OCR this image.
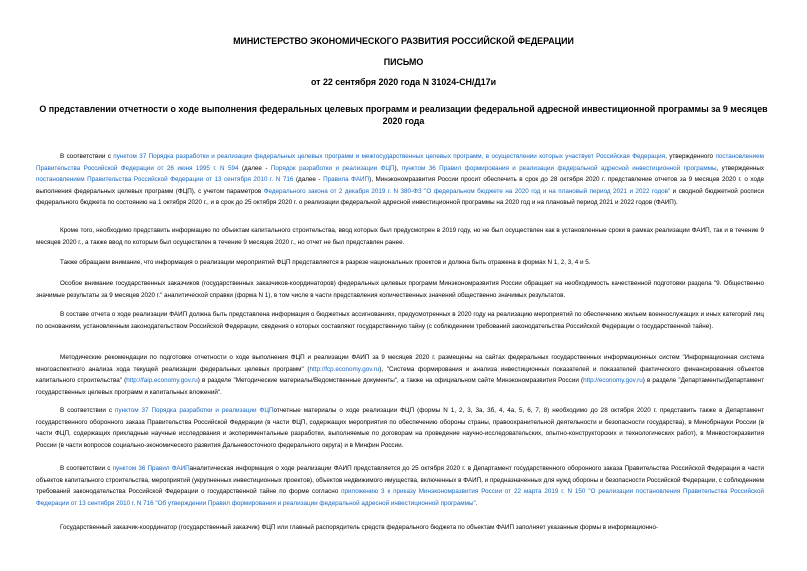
МИНИСТЕРСТВО ЭКОНОМИЧЕСКОГО РАЗВИТИЯ РОССИЙСКОЙ ФЕДЕРАЦИИ

ПИСЬМО

от 22 сентября 2020 года N 31024-СН/Д17и

О представлении отчетности о ходе выполнения федеральных целевых программ и реализации федеральной адресной инвестиционной программы за 9 месяцев 2020 года

В соответствии с пунктом 37 Порядка разработки и реализации федеральных целевых программ и межгосударственных целевых программ, в осуществлении которых участвует Российская Федерация, утвержденного постановлением Правительства Российской Федерации от 26 июня 1995 г. N 594 (далее - Порядок разработки и реализации ФЦП), пунктом 36 Правил формирования и реализации федеральной адресной инвестиционной программы, утвержденных постановлением Правительства Российской Федерации от 13 сентября 2010 г. N 716 (далее - Правила ФАИП), Минэкономразвития России просит обеспечить в срок до 28 октября 2020 г. представление отчетов за 9 месяцев 2020 г. о ходе выполнения федеральных целевых программ (ФЦП), с учетом параметров Федерального закона от 2 декабря 2019 г. N 380-ФЗ "О федеральном бюджете на 2020 год и на плановый период 2021 и 2022 годов" и сводной бюджетной росписи федерального бюджета по состоянию на 1 октября 2020 г., и в срок до 25 октября 2020 г. о реализации федеральной адресной инвестиционной программы на 2020 год и на плановый период 2021 и 2022 годов (ФАИП).

Кроме того, необходимо представить информацию по объектам капитального строительства, ввод которых был предусмотрен в 2019 году, но не был осуществлен как в установленные сроки в рамках реализации ФАИП, так и в течение 9 месяцев 2020 г., а также ввод по которым был осуществлен в течение 9 месяцев 2020 г., но отчет не был представлен ранее.

Также обращаем внимание, что информация о реализации мероприятий ФЦП представляется в разрезе национальных проектов и должна быть отражена в формах N 1, 2, 3, 4 и 5.

Особое внимание государственных заказчиков (государственных заказчиков-координаторов) федеральных целевых программ Минэкономразвития России обращает на необходимость качественной подготовки раздела "9. Общественно значимые результаты за 9 месяцев 2020 г." аналитической справки (форма N 1), в том числе в части представления количественных значений общественно значимых результатов.

В составе отчета о ходе реализации ФАИП должна быть представлена информация о бюджетных ассигнованиях, предусмотренных в 2020 году на реализацию мероприятий по обеспечению жильем военнослужащих и иных категорий лиц по основаниям, установленным законодательством Российской Федерации, сведения о которых составляют государственную тайну (с соблюдением требований законодательства Российской Федерации о государственной тайне).

Методические рекомендации по подготовке отчетности о ходе выполнения ФЦП и реализации ФАИП за 9 месяцев 2020 г. размещены на сайтах федеральных государственных информационных систем "Информационная система многоаспектного анализа хода текущей реализации федеральных целевых программ" (http://fcp.economy.gov.ru), "Система формирования и анализа инвестиционных показателей и показателей фактического финансирования объектов капитального строительства" (http://faip.economy.gov.ru) в разделе "Методические материалы/Ведомственные документы", а также на официальном сайте Минэкономразвития России (http://economy.gov.ru) в разделе "Департаменты/Департамент государственных целевых программ и капитальных вложений".

В соответствии с пунктом 37 Порядка разработки и реализации ФЦПотчетные материалы о ходе реализации ФЦП (формы N 1, 2, 3, 3а, 3б, 4, 4а, 5, 6, 7, 8) необходимо до 28 октября 2020 г. представить также в Департамент государственного оборонного заказа Правительства Российской Федерации (в части ФЦП, содержащих мероприятия по обеспечению обороны страны, правоохранительной деятельности и безопасности государства), в Минобрнауки России (в части ФЦП, содержащих прикладные научные исследования и экспериментальные разработки, выполняемые по договорам на проведение научно-исследовательских, опытно-конструкторских и технологических работ), в Минвостокразвития России (в части вопросов социально-экономического развития Дальневосточного федерального округа) и в Минфин России.

В соответствии с пунктом 36 Правил ФАИПаналитическая информация о ходе реализации ФАИП представляется до 25 октября 2020 г. в Департамент государственного оборонного заказа Правительства Российской Федерации в части объектов капитального строительства, мероприятий (укрупненных инвестиционных проектов), объектов недвижимого имущества, включенных в ФАИП, и предназначенных для нужд обороны и безопасности Российской Федерации, с соблюдением требований законодательства Российской Федерации о государственной тайне по форме согласно приложению 3 к приказу Минэкономразвития России от 22 марта 2019 г. N 150 "О реализации постановления Правительства Российской Федерации от 13 сентября 2010 г. N 716 "Об утверждении Правил формирования и реализации федеральной адресной инвестиционной программы".

Государственный заказчик-координатор (государственный заказчик) ФЦП или главный распорядитель средств федерального бюджета по объектам ФАИП заполняет указанные формы в информационно-
